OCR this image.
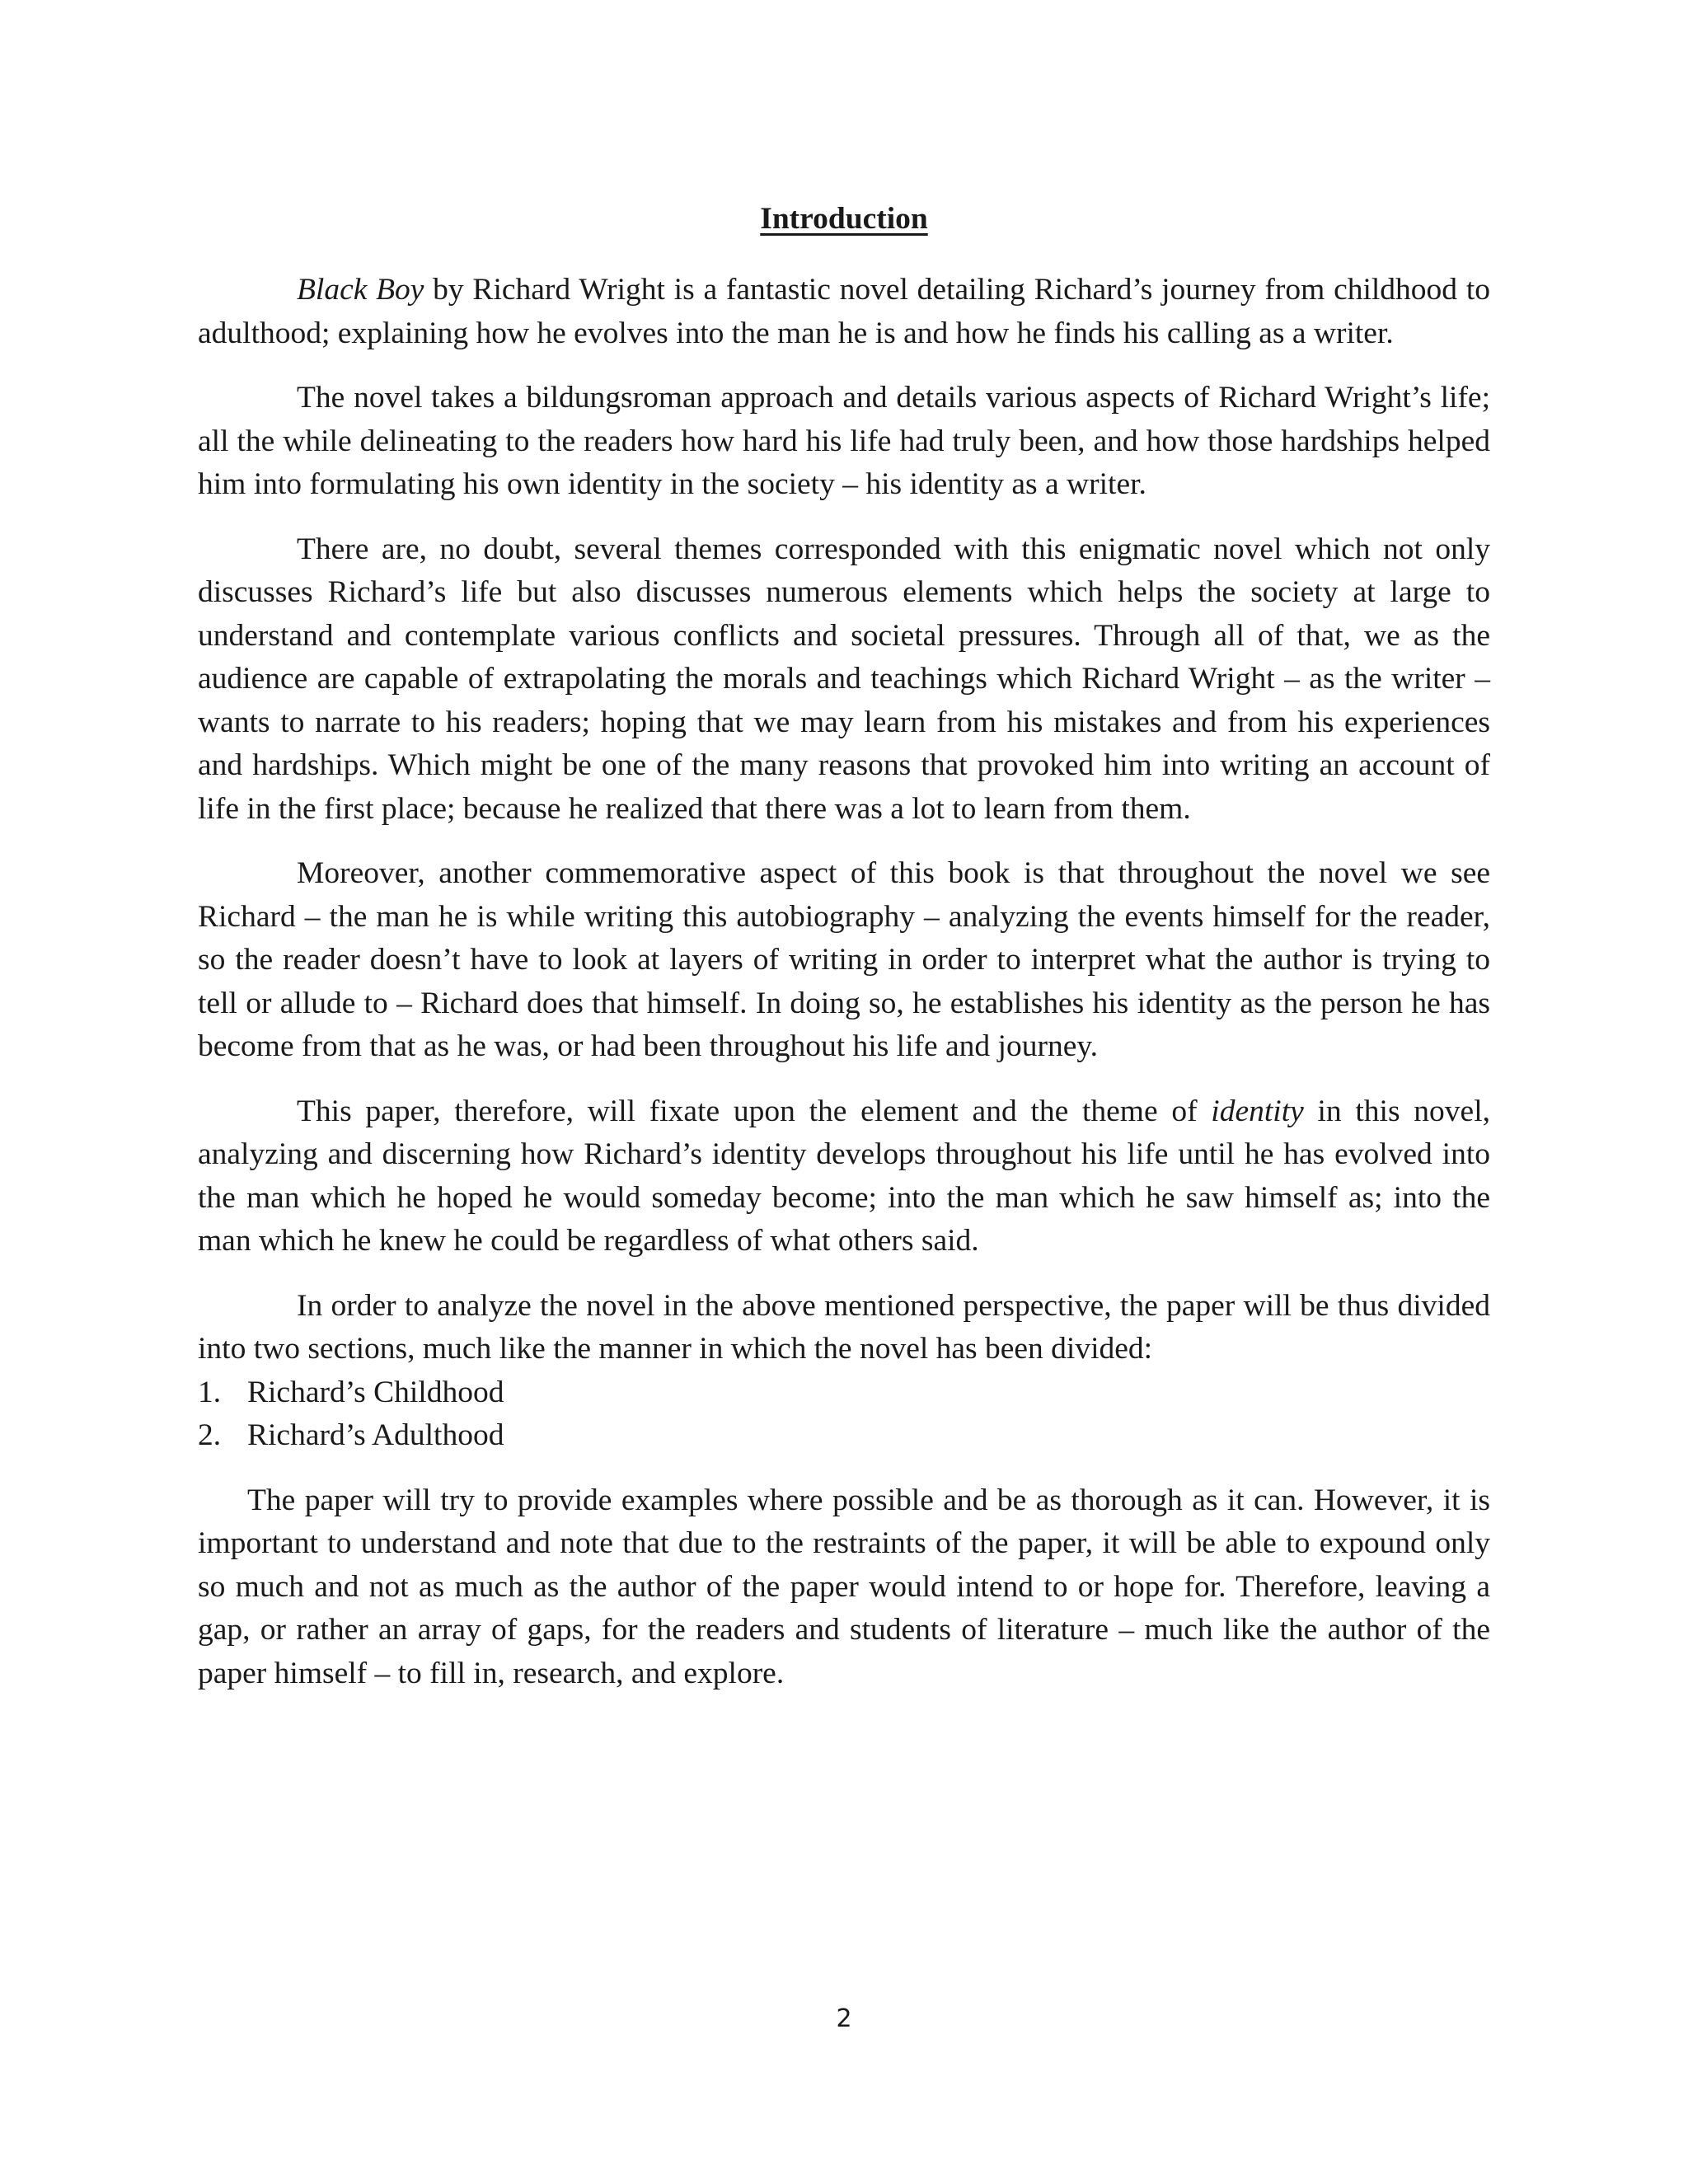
Introduction

Black Boy by Richard Wright is a fantastic novel detailing Richard’s journey from childhood to adulthood; explaining how he evolves into the man he is and how he finds his calling as a writer.

The novel takes a bildungsroman approach and details various aspects of Richard Wright’s life; all the while delineating to the readers how hard his life had truly been, and how those hardships helped him into formulating his own identity in the society – his identity as a writer.

There are, no doubt, several themes corresponded with this enigmatic novel which not only discusses Richard’s life but also discusses numerous elements which helps the society at large to understand and contemplate various conflicts and societal pressures. Through all of that, we as the audience are capable of extrapolating the morals and teachings which Richard Wright – as the writer – wants to narrate to his readers; hoping that we may learn from his mistakes and from his experiences and hardships. Which might be one of the many reasons that provoked him into writing an account of life in the first place; because he realized that there was a lot to learn from them.

Moreover, another commemorative aspect of this book is that throughout the novel we see Richard – the man he is while writing this autobiography – analyzing the events himself for the reader, so the reader doesn’t have to look at layers of writing in order to interpret what the author is trying to tell or allude to – Richard does that himself. In doing so, he establishes his identity as the person he has become from that as he was, or had been throughout his life and journey.

This paper, therefore, will fixate upon the element and the theme of identity in this novel, analyzing and discerning how Richard’s identity develops throughout his life until he has evolved into the man which he hoped he would someday become; into the man which he saw himself as; into the man which he knew he could be regardless of what others said.

In order to analyze the novel in the above mentioned perspective, the paper will be thus divided into two sections, much like the manner in which the novel has been divided:

1. Richard’s Childhood
2. Richard’s Adulthood

The paper will try to provide examples where possible and be as thorough as it can. However, it is important to understand and note that due to the restraints of the paper, it will be able to expound only so much and not as much as the author of the paper would intend to or hope for. Therefore, leaving a gap, or rather an array of gaps, for the readers and students of literature – much like the author of the paper himself – to fill in, research, and explore.

2
